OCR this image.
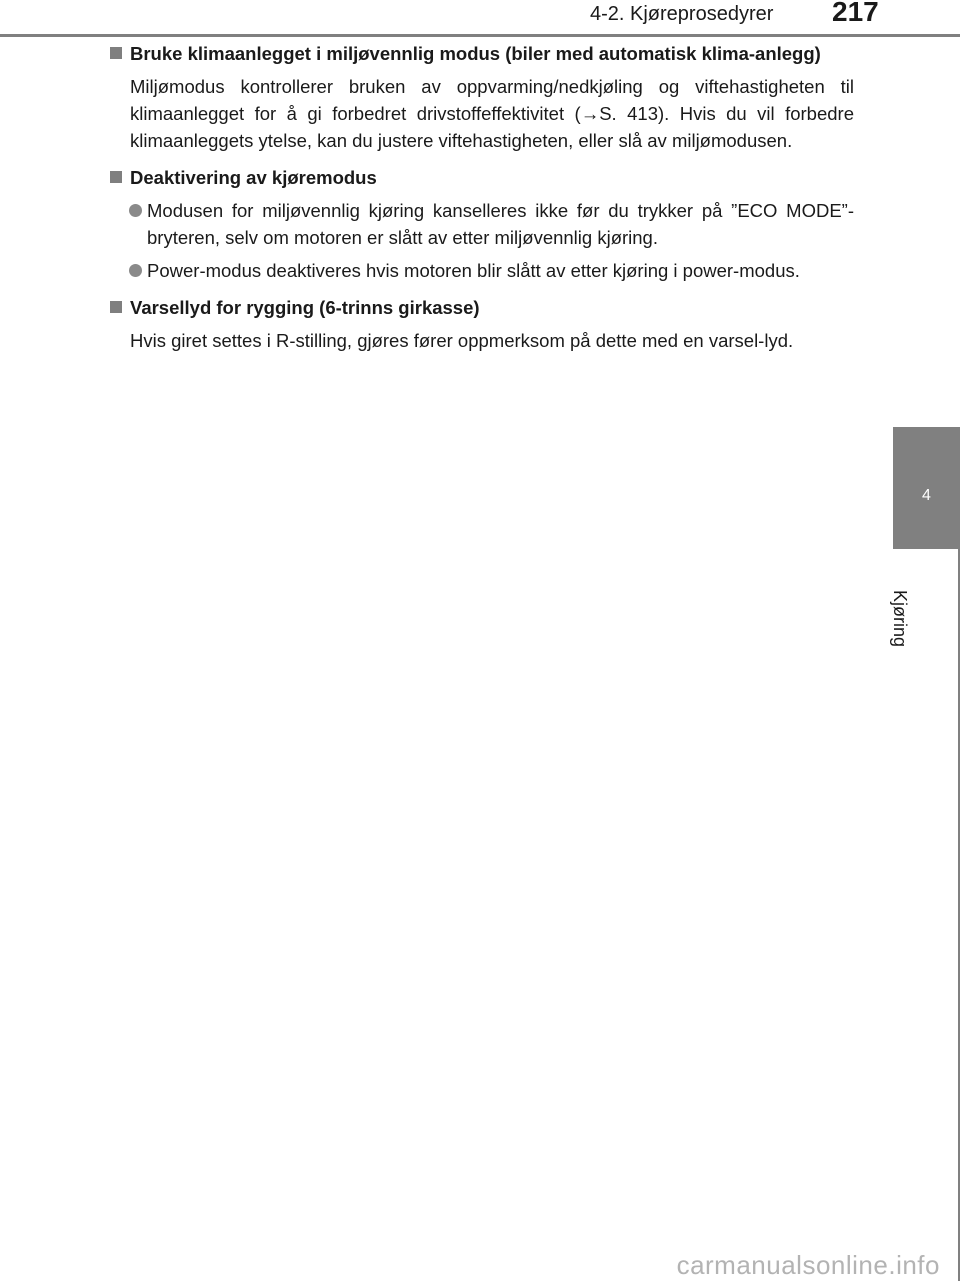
4-2. Kjøreprosedyrer 217
4
Kjøring
Bruke klimaanlegget i miljøvennlig modus (biler med automatisk klima-anlegg)
Miljømodus kontrollerer bruken av oppvarming/nedkjøling og viftehastigheten til klimaanlegget for å gi forbedret drivstoffeffektivitet (→S. 413). Hvis du vil forbedre klimaanleggets ytelse, kan du justere viftehastigheten, eller slå av miljømodusen.
Deaktivering av kjøremodus
Modusen for miljøvennlig kjøring kanselleres ikke før du trykker på ”ECO MODE”-bryteren, selv om motoren er slått av etter miljøvennlig kjøring.
Power-modus deaktiveres hvis motoren blir slått av etter kjøring i power-modus.
Varsellyd for rygging (6-trinns girkasse)
Hvis giret settes i R-stilling, gjøres fører oppmerksom på dette med en varsel-lyd.
carmanualsonline.info
